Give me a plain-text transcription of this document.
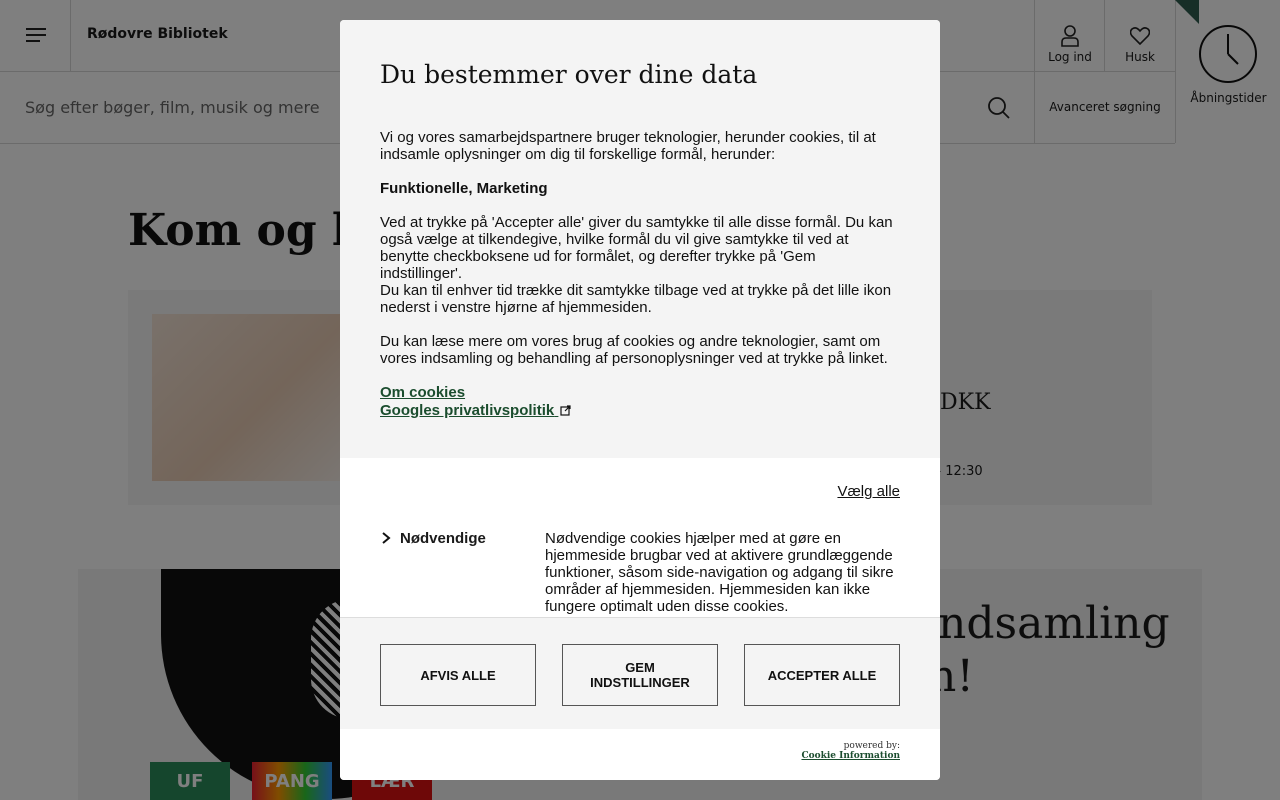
Søg efter bøger, film, musik og mere
Du bestemmer over dine data

Vi og vores samarbejdspartnere bruger teknologier, herunder cookies, til at indsamle oplysninger om dig til forskellige formål, herunder:

Funktionelle, Marketing

Ved at trykke på 'Accepter alle' giver du samtykke til alle disse formål. Du kan også vælge at tilkendegive, hvilke formål du vil give samtykke til ved at benytte checkboksene ud for formålet, og derefter trykke på 'Gem indstillinger'.

Du kan til enhver tid trække dit samtykke tilbage ved at trykke på det lille ikon nederst i venstre hjørne af hjemmesiden.

Du kan læse mere om vores brug af cookies og andre teknologier, samt om vores indsamling og behandling af personoplysninger ved at trykke på linket.

Om cookies
Googles privatlivspolitik
Vælg alle
Nødvendige	Nødvendige cookies hjælper med at gøre en hjemmeside brugbar ved at aktivere grundlæggende funktioner, såsom side-navigation og adgang til sikre områder af hjemmesiden. Hjemmesiden kan ikke fungere optimalt uden disse cookies.
AFVIS ALLE	GEM INDSTILLINGER	ACCEPTER ALLE
powered by:
Cookie Information
